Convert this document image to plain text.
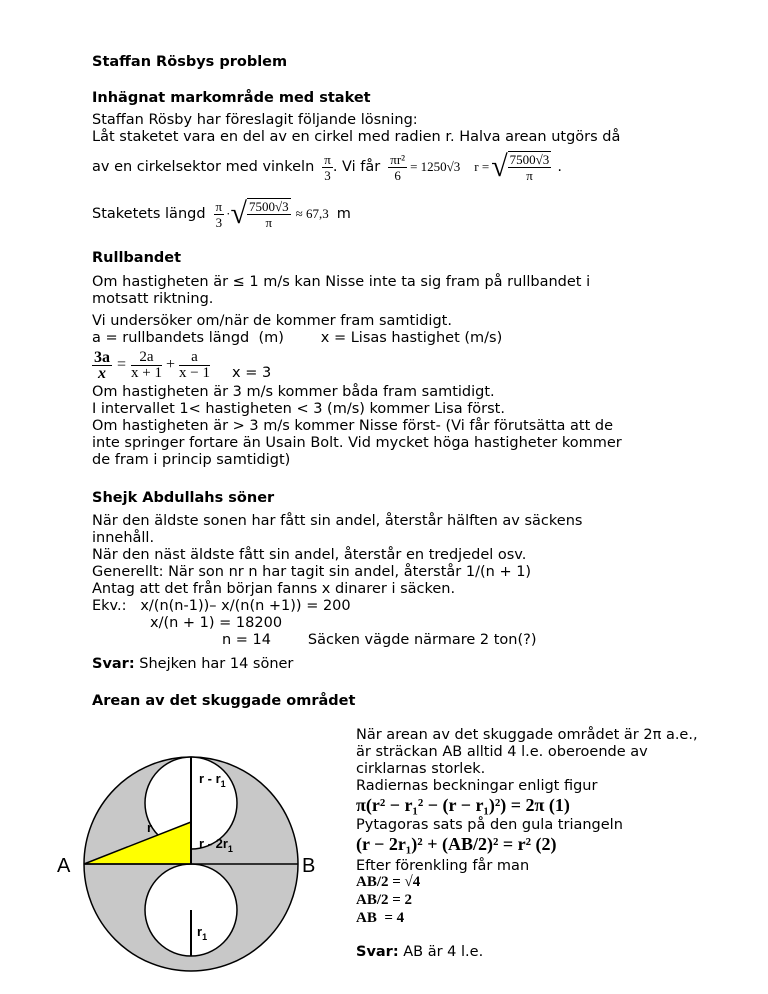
Staffan Rösbys problem
Inhägnat markområde med staket
Staffan Rösby har föreslagit följande lösning:
Låt staketet vara en del av en cirkel med radien r. Halva arean utgörs då
av en cirkelsektor med vinkeln $\frac{\pi}{3}$ . Vi får $\frac{\text{πr²}}{6} = 1250√3$ r = √ $\frac{7500√3}{\pi}$ .
Staketets längd $\frac{\pi}{3}$ · √ $\frac{7500√3}{\pi} \approx 67,3$ m
Rullbandet
Om hastigheten är ≤ 1 m/s kan Nisse inte ta sig fram på rullbandet i
motsatt riktning.
Vi undersöker om/när de kommer fram samtidigt.
a = rullbandets längd  (m)        x = Lisas hastighet (m/s)
$\frac{3a}{x} = \frac{2a}{x + 1} + \frac{a}{x - 1}$ x = 3
Om hastigheten är 3 m/s kommer båda fram samtidigt.
I intervallet 1< hastigheten < 3 (m/s) kommer Lisa först.
Om hastigheten är > 3 m/s kommer Nisse först- (Vi får förutsätta att de
inte springer fortare än Usain Bolt. Vid mycket höga hastigheter kommer
de fram i princip samtidigt)
Shejk Abdullahs söner
När den äldste sonen har fått sin andel, återstår hälften av säckens
innehåll.
När den näst äldste fått sin andel, återstår en tredjedel osv.
Generellt: När son nr n har tagit sin andel, återstår 1/(n + 1)
Antag att det från början fanns x dinarer i säcken.
Ekv.:   x/(n(n-1))– x/(n(n +1)) = 200
x/(n + 1) = 18200
n = 14        Säcken vägde närmare 2 ton(?)
Svar: Shejken har 14 söner
Arean av det skuggade området
När arean av det skuggade området är 2π a.e.,
är sträckan AB alltid 4 l.e. oberoende av
cirklarnas storlek.
Radiernas beckningar enligt figur
π(r² − r₁² − (r − r₁)²) = 2π (1)
Pytagoras sats på den gula triangeln
(r − 2r₁)² + (AB/2)² = r² (2)
Efter förenkling får man
AB/2 = √4
AB/2 = 2
AB  = 4
Svar: AB är 4 l.e.
A	B
r - $r_1$
r
r - $2r_1$
$r_1$
